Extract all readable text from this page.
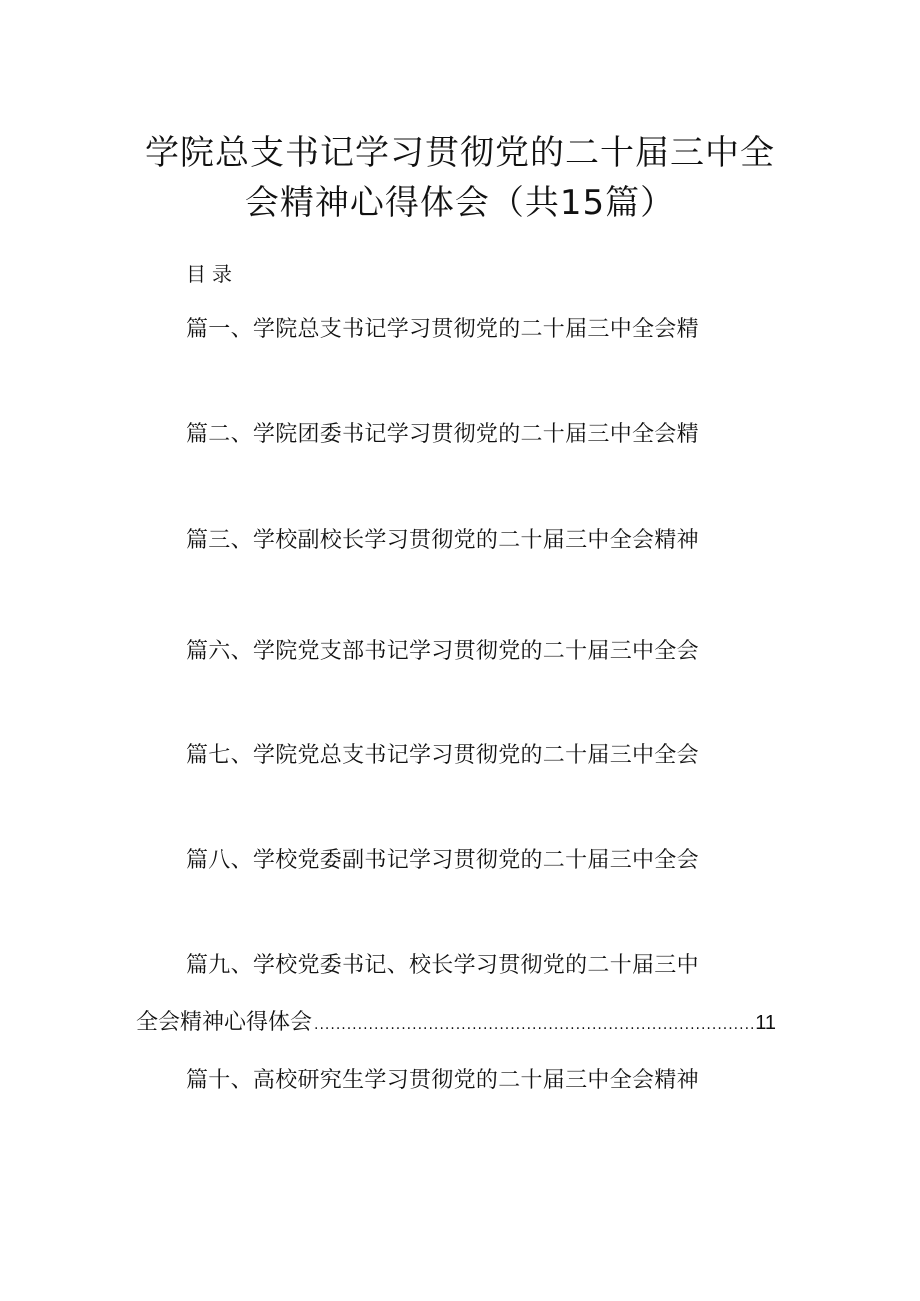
学院总支书记学习贯彻党的二十届三中全
会精神心得体会（共15篇）
目录
篇一、学院总支书记学习贯彻党的二十届三中全会精
篇二、学院团委书记学习贯彻党的二十届三中全会精
篇三、学校副校长学习贯彻党的二十届三中全会精神
篇六、学院党支部书记学习贯彻党的二十届三中全会
篇七、学院党总支书记学习贯彻党的二十届三中全会
篇八、学校党委副书记学习贯彻党的二十届三中全会
篇九、学校党委书记、校长学习贯彻党的二十届三中
全会精神心得体会
.....	11
篇十、高校研究生学习贯彻党的二十届三中全会精神
